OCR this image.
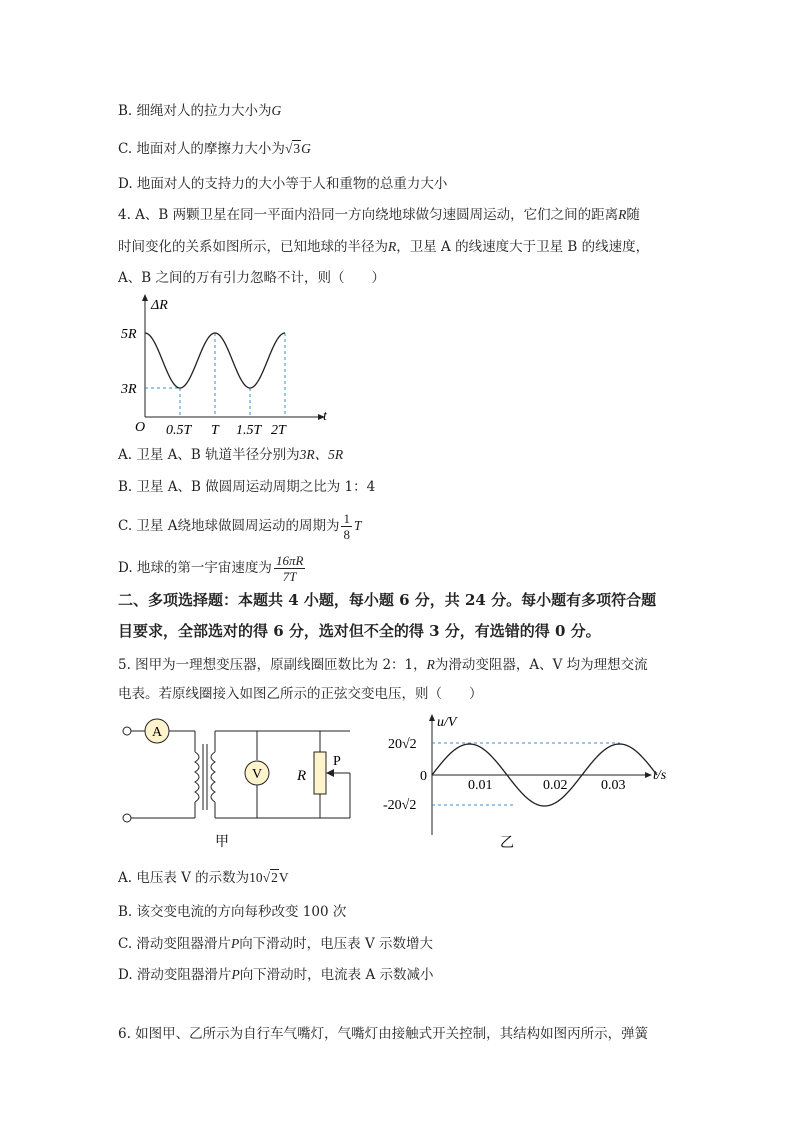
B. 细绳对人的拉力大小为G
C. 地面对人的摩擦力大小为√3G
D. 地面对人的支持力的大小等于人和重物的总重力大小
4. A、B 两颗卫星在同一平面内沿同一方向绕地球做匀速圆周运动，它们之间的距离R随
时间变化的关系如图所示，已知地球的半径为R，卫星 A 的线速度大于卫星 B 的线速度，
A、B 之间的万有引力忽略不计，则（　　）
ΔR
t
O
5R
3R
0.5T T 1.5T 2T
A. 卫星 A、B 轨道半径分别为3R、5R
B. 卫星 A、B 做圆周运动周期之比为 1：4
C. 卫星 A绕地球做圆周运动的周期为 $\frac{1}{8}$ T
D. 地球的第一宇宙速度为 $\frac{16\pi R}{7T}$
二、多项选择题：本题共 4 小题，每小题 6 分，共 24 分。每小题有多项符合题
目要求，全部选对的得 6 分，选对但不全的得 3 分，有选错的得 0 分。
5. 图甲为一理想变压器，原副线圈匝数比为 2：1，R为滑动变阻器，A、V 均为理想交流
电表。若原线圈接入如图乙所示的正弦交变电压，则（　　）
A
V R
P
甲
u/V
t/s
0
20√2
-20√2
0.01	0.02 0.03
乙
A. 电压表 V 的示数为10√2V
B. 该交变电流的方向每秒改变 100 次
C. 滑动变阻器滑片P向下滑动时，电压表 V 示数增大
D. 滑动变阻器滑片P向下滑动时，电流表 A 示数减小
6. 如图甲、乙所示为自行车气嘴灯，气嘴灯由接触式开关控制，其结构如图丙所示，弹簧
